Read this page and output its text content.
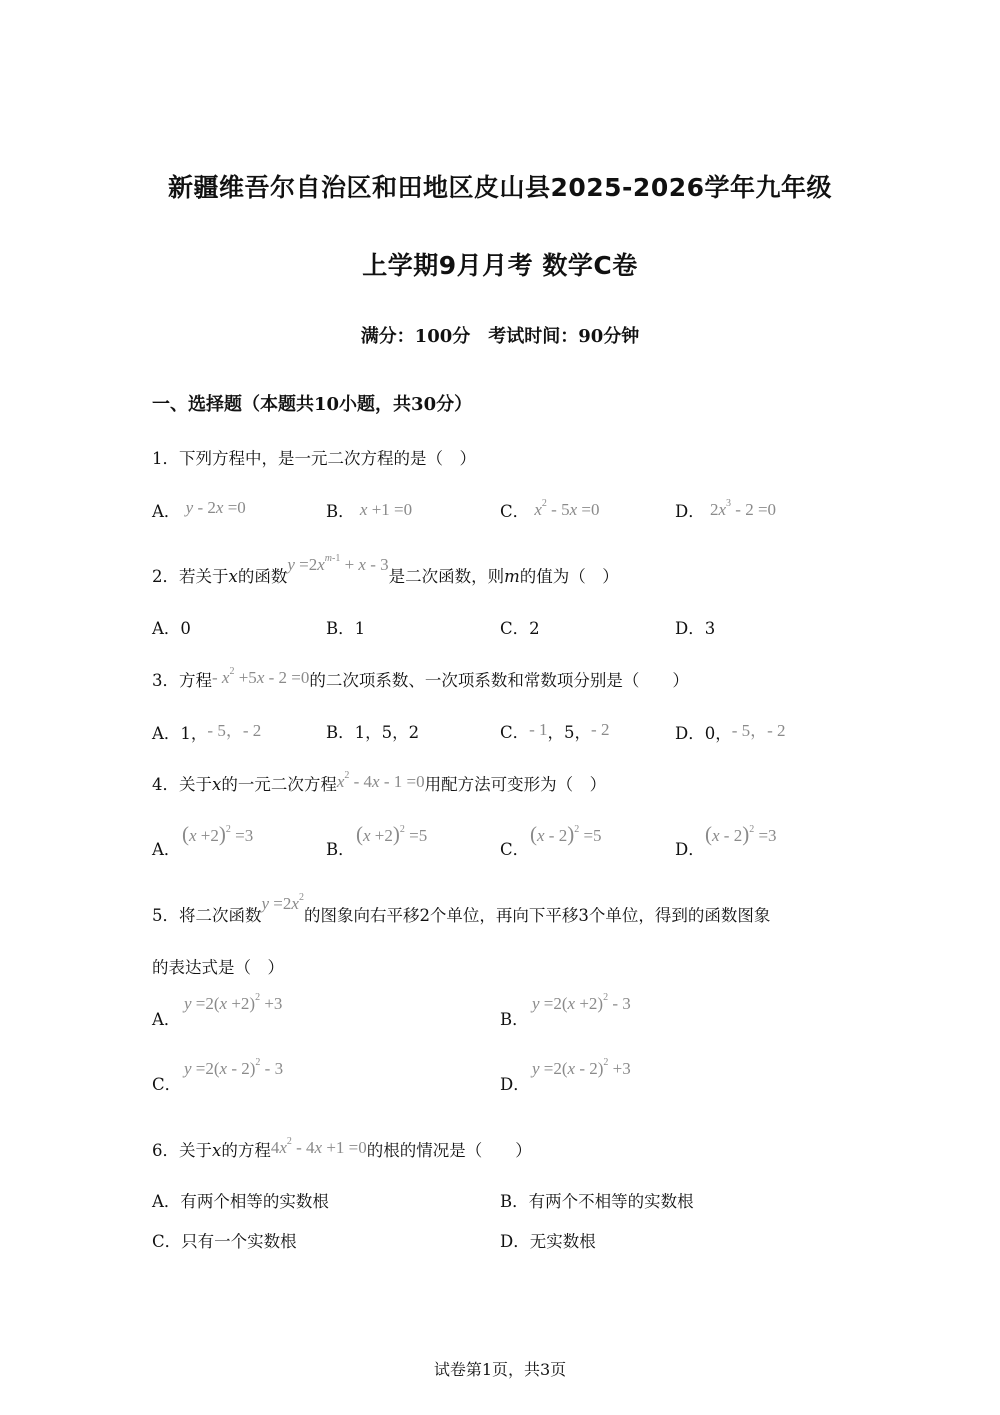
新疆维吾尔自治区和田地区皮山县2025-2026学年九年级
上学期9月月考 数学C卷
满分：100分　考试时间：90分钟
一、选择题（本题共10小题，共30分）
1．下列方程中，是一元二次方程的是（　）
A． y - 2x =0	B． x +1 =0	C． $x^2 - 5x =0$	D． $2x^3 - 2 =0$
2．若关于x的函数$y =2x^{m-1} + x - 3$是二次函数，则m的值为（　）
A．0	B．1	C．2	D．3
3．方程- $x^2 +5x - 2 =0$的二次项系数、一次项系数和常数项分别是（　　）
A．1，- 5，- 2	B．1，5，2	C．- 1，5，- 2	D．0，- 5，- 2
4．关于x的一元二次方程$x^2 - 4x - 1 =0$用配方法可变形为（　）
A．
$(x +2)^2 =3$
B．
$(x +2)^2 =5$
C．
(x - 2)$^2$ =5
D．
(x - 2)$^2$ =3
5．将二次函数$y =2x^2$的图象向右平移2个单位，再向下平移3个单位，得到的函数图象
的表达式是（　）
A．
$y =2(x +2)^2 +3$
B．
$y =2(x +2)^2 - 3$
C．
y =2(x - 2)$^2$ - 3
D．
y =2(x - 2)$^2$ +3
6．关于x的方程$4x^2 - 4x +1 =0$的根的情况是（　　）
A．有两个相等的实数根	B．有两个不相等的实数根
C．只有一个实数根	D．无实数根
试卷第1页，共3页
